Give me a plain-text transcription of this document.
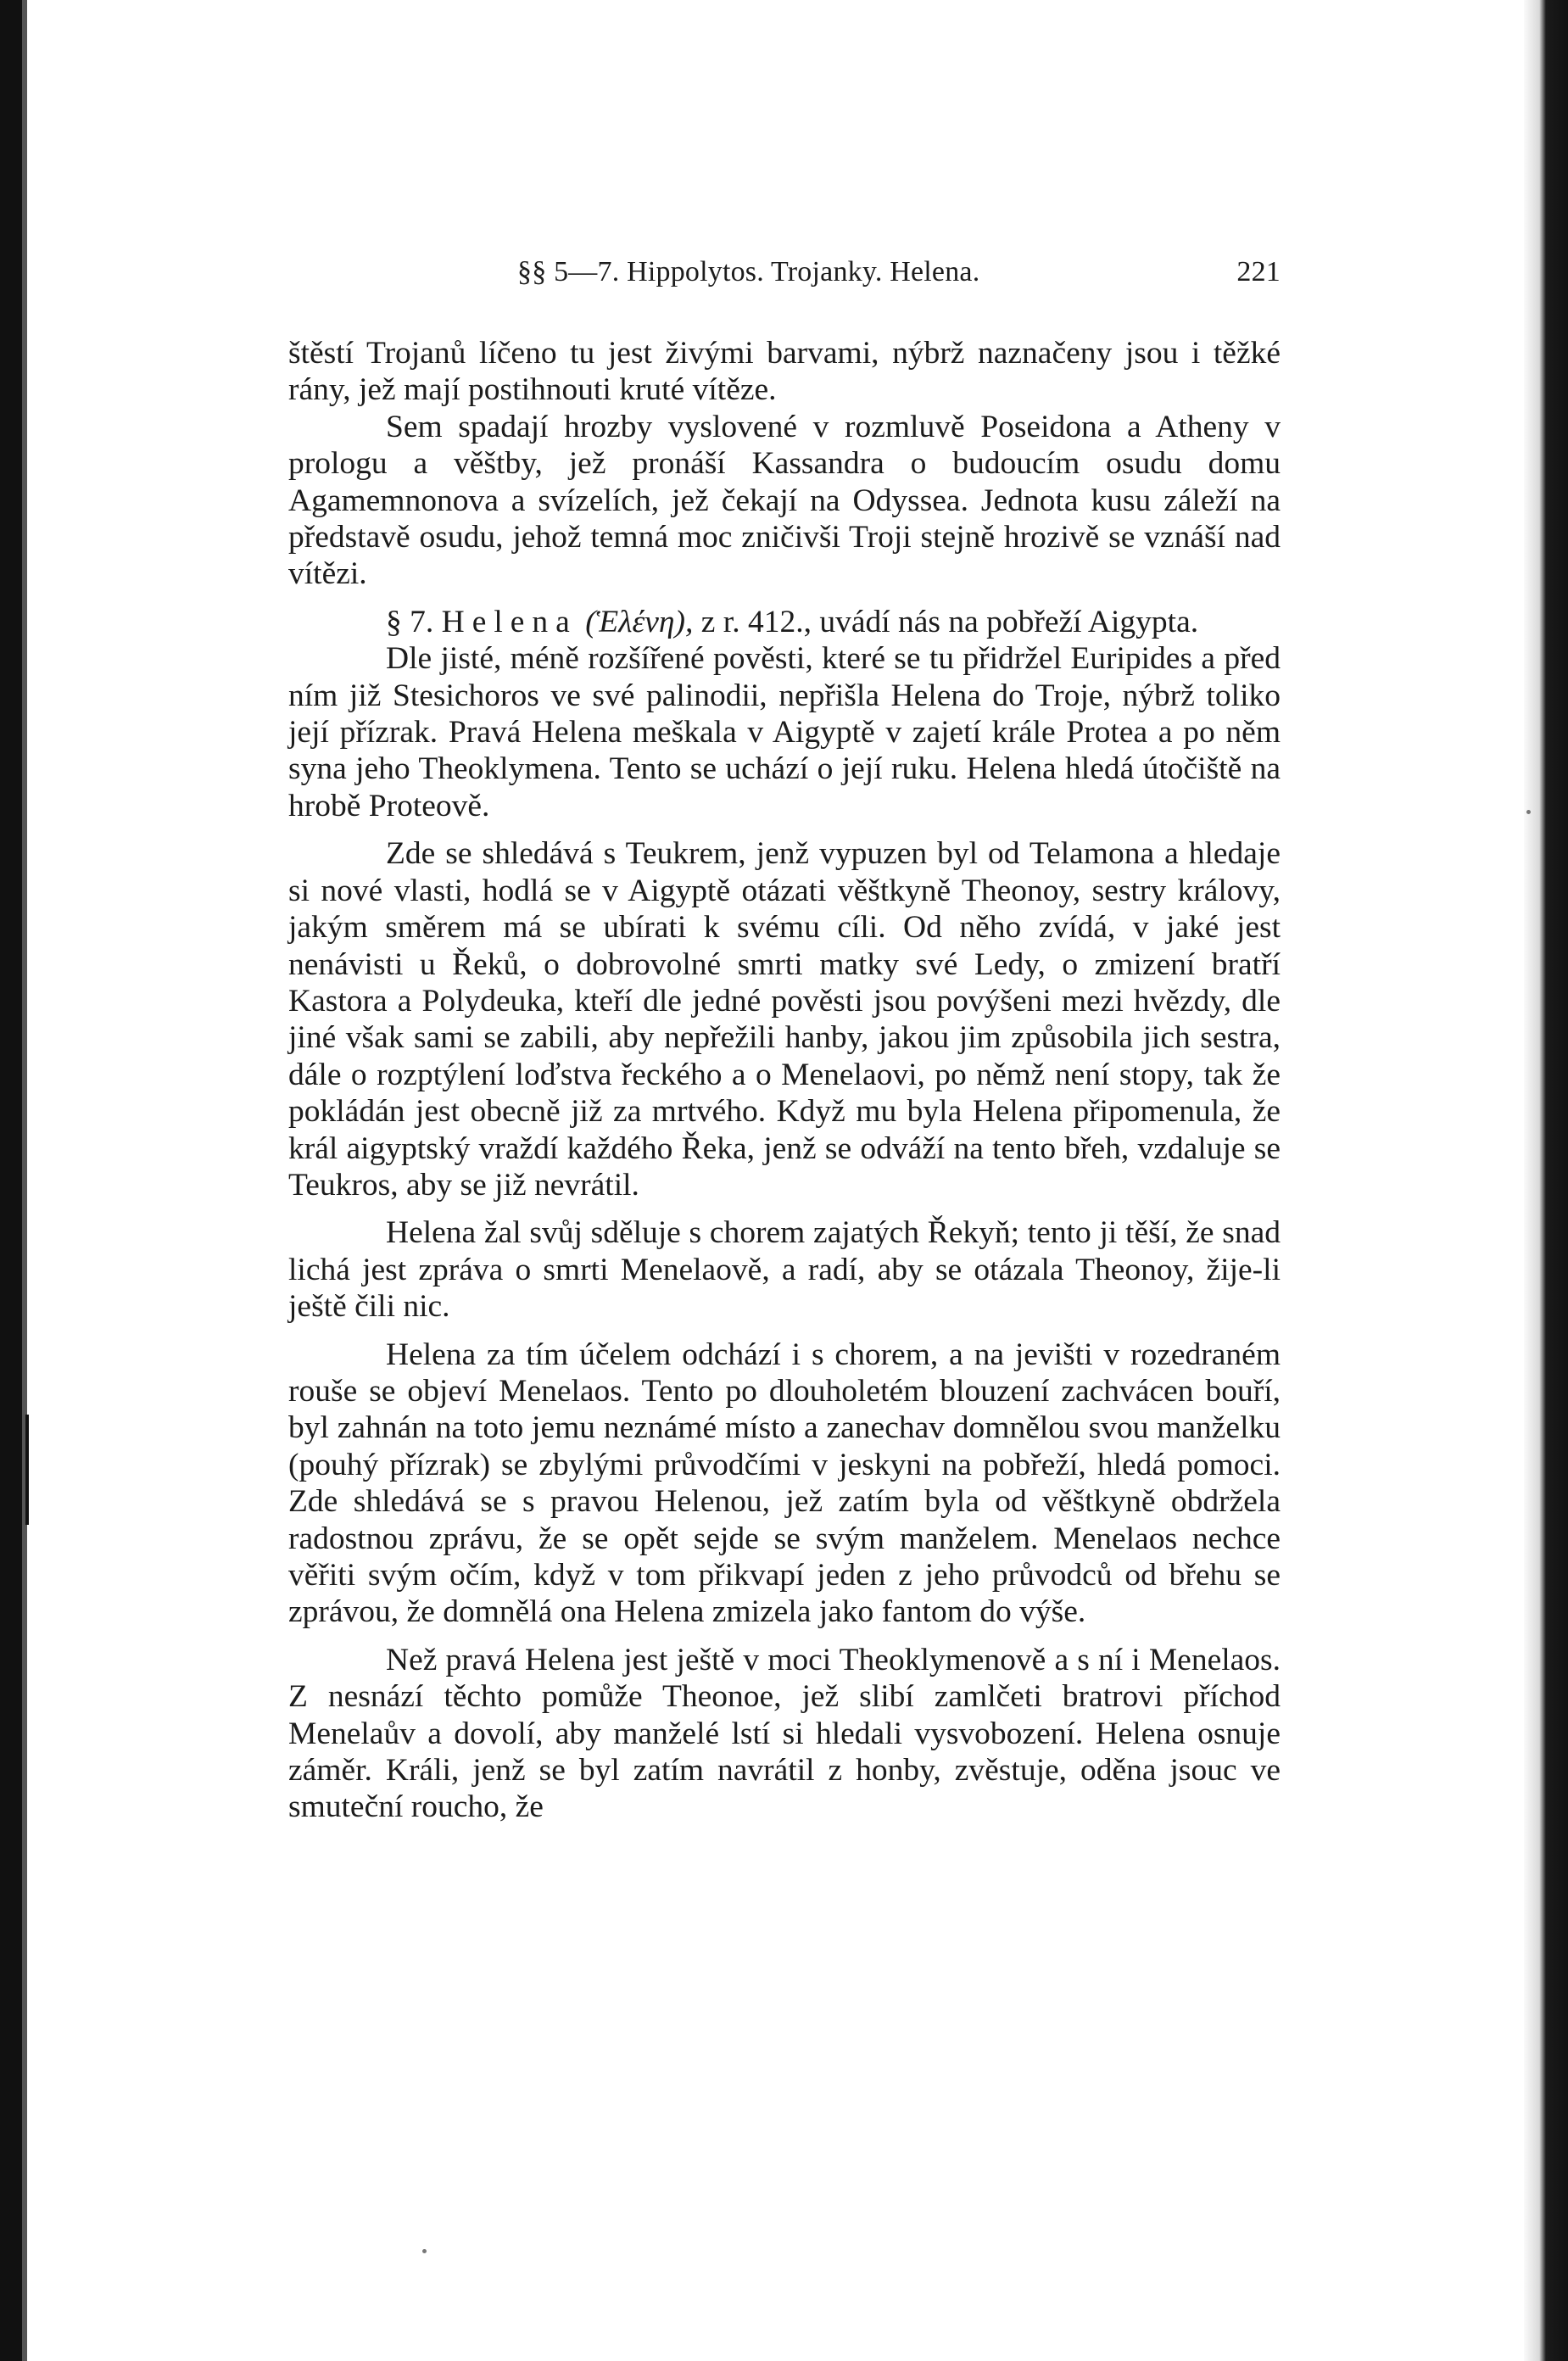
§§ 5—7. Hippolytos. Trojanky. Helena.	221

štěstí Trojanů líčeno tu jest živými barvami, nýbrž naznačeny jsou i těžké rány, jež mají postihnouti kruté vítěze.

Sem spadají hrozby vyslovené v rozmluvě Poseidona a Atheny v prologu a věštby, jež pronáší Kassandra o budoucím osudu domu Agamemnonova a svízelích, jež čekají na Odyssea. Jednota kusu záleží na představě osudu, jehož temná moc zničivši Troji stejně hrozivě se vznáší nad vítězi.

§ 7. Helena (Ἑλένη), z r. 412., uvádí nás na pobřeží Aigypta.

Dle jisté, méně rozšířené pověsti, které se tu přidržel Euripides a před ním již Stesichoros ve své palinodii, nepřišla Helena do Troje, nýbrž toliko její přízrak. Pravá Helena meškala v Aigyptě v zajetí krále Protea a po něm syna jeho Theoklymena. Tento se uchází o její ruku. Helena hledá útočiště na hrobě Proteově.

Zde se shledává s Teukrem, jenž vypuzen byl od Telamona a hledaje si nové vlasti, hodlá se v Aigyptě otázati věštkyně Theonoy, sestry královy, jakým směrem má se ubírati k svému cíli. Od něho zvídá, v jaké jest nenávisti u Řeků, o dobrovolné smrti matky své Ledy, o zmizení bratří Kastora a Polydeuka, kteří dle jedné pověsti jsou povýšeni mezi hvězdy, dle jiné však sami se zabili, aby nepřežili hanby, jakou jim způsobila jich sestra, dále o rozptýlení loďstva řeckého a o Menelaovi, po němž není stopy, tak že pokládán jest obecně již za mrtvého. Když mu byla Helena připomenula, že král aigyptský vraždí každého Řeka, jenž se odváží na tento břeh, vzdaluje se Teukros, aby se již nevrátil.

Helena žal svůj sděluje s chorem zajatých Řekyň; tento ji těší, že snad lichá jest zpráva o smrti Menelaově, a radí, aby se otázala Theonoy, žije-li ještě čili nic.

Helena za tím účelem odchází i s chorem, a na jevišti v rozedraném rouše se objeví Menelaos. Tento po dlouholetém blouzení zachvácen bouří, byl zahnán na toto jemu neznámé místo a zanechav domnělou svou manželku (pouhý přízrak) se zbylými průvodčími v jeskyni na pobřeží, hledá pomoci. Zde shledává se s pravou Helenou, jež zatím byla od věštkyně obdržela radostnou zprávu, že se opět sejde se svým manželem. Menelaos nechce věřiti svým očím, když v tom přikvapí jeden z jeho průvodců od břehu se zprávou, že domnělá ona Helena zmizela jako fantom do výše.

Než pravá Helena jest ještě v moci Theoklymenově a s ní i Menelaos. Z nesnází těchto pomůže Theonoe, jež slibí zamlčeti bratrovi příchod Menelaův a dovolí, aby manželé lstí si hledali vysvobození. Helena osnuje záměr. Králi, jenž se byl zatím navrátil z honby, zvěstuje, oděna jsouc ve smuteční roucho, že
